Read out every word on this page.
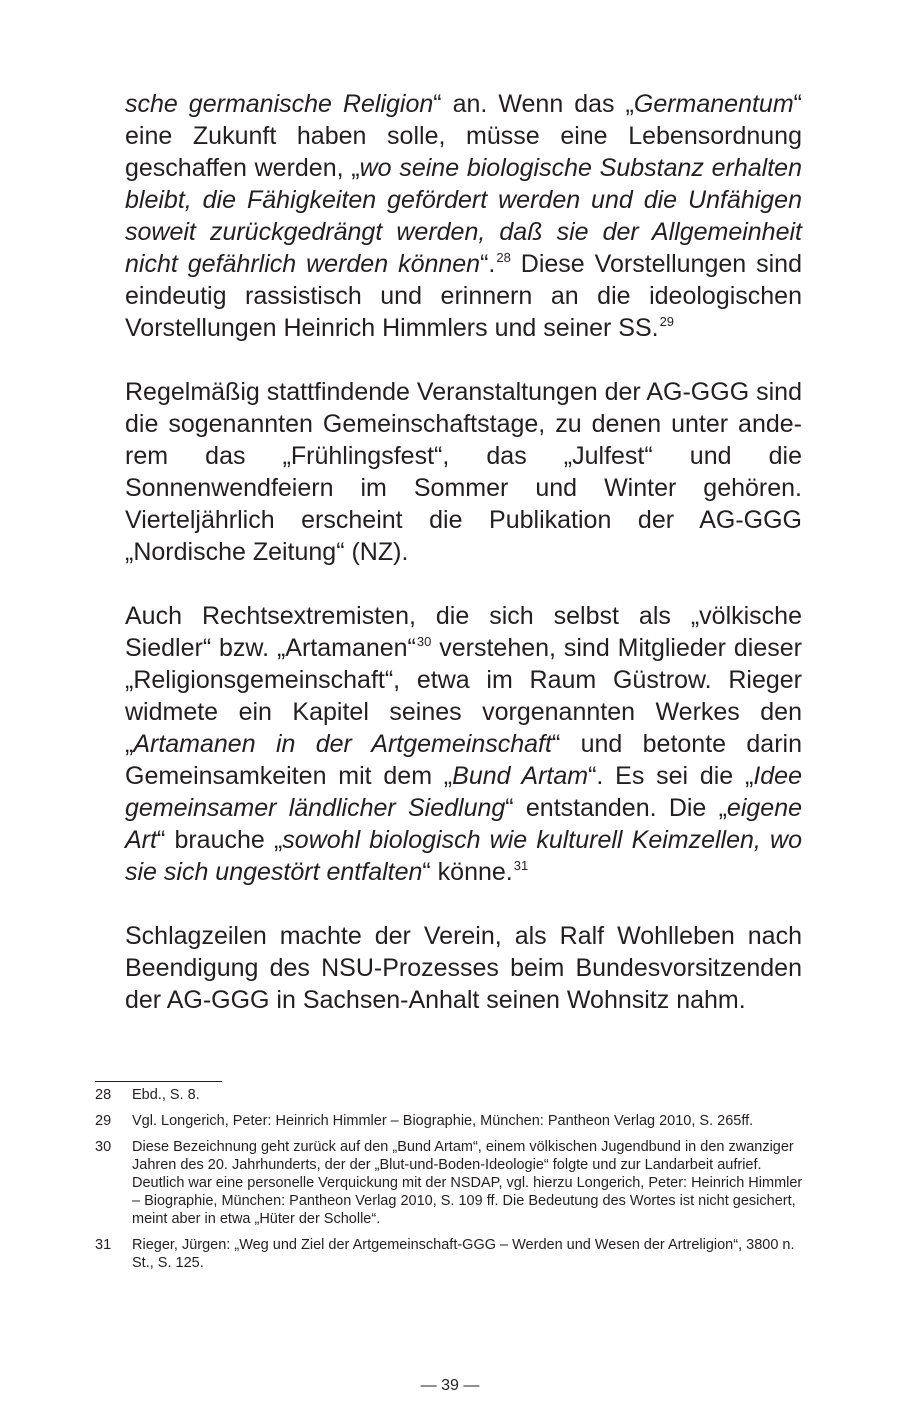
sche germanische Religion“ an. Wenn das „Germanentum“ eine Zukunft haben solle, müsse eine Lebensordnung geschaffen werden, „wo seine biologische Substanz erhalten bleibt, die Fähigkeiten gefördert werden und die Unfähigen soweit zurückgedrängt werden, daß sie der Allgemeinheit nicht gefährlich werden können“.$^{28}$ Diese Vorstellungen sind eindeutig rassistisch und erinnern an die ideologischen Vorstellungen Heinrich Himmlers und seiner SS.$^{29}$

Regelmäßig stattfindende Veranstaltungen der AG-GGG sind die sogenannten Gemeinschaftstage, zu denen unter anderem das „Frühlingsfest“, das „Julfest“ und die Sonnenwendfeiern im Sommer und Winter gehören. Vierteljährlich erscheint die Publikation der AG-GGG „Nordische Zeitung“ (NZ).

Auch Rechtsextremisten, die sich selbst als „völkische Siedler“ bzw. „Artamanen“$^{30}$ verstehen, sind Mitglieder dieser „Religionsgemeinschaft“, etwa im Raum Güstrow. Rieger widmete ein Kapitel seines vorgenannten Werkes den „Artamanen in der Artgemeinschaft“ und betonte darin Gemeinsamkeiten mit dem „Bund Artam“. Es sei die „Idee gemeinsamer ländlicher Siedlung“ entstanden. Die „eigene Art“ brauche „sowohl biologisch wie kulturell Keimzellen, wo sie sich ungestört entfalten“ könne.$^{31}$

Schlagzeilen machte der Verein, als Ralf Wohlleben nach Beendigung des NSU-Prozesses beim Bundesvorsitzenden der AG-GGG in Sachsen-Anhalt seinen Wohnsitz nahm.

28	Ebd., S. 8.
29	Vgl. Longerich, Peter: Heinrich Himmler – Biographie, München: Pantheon Verlag 2010, S. 265ff.
30	Diese Bezeichnung geht zurück auf den „Bund Artam“, einem völkischen Jugendbund in den zwanziger Jahren des 20. Jahrhunderts, der der „Blut-und-Boden-Ideologie“ folgte und zur Landarbeit aufrief. Deutlich war eine personelle Verquickung mit der NSDAP, vgl. hierzu Longerich, Peter: Heinrich Himmler – Biographie, München: Pantheon Verlag 2010, S. 109 ff. Die Bedeutung des Wortes ist nicht gesichert, meint aber in etwa „Hüter der Scholle“.
31	Rieger, Jürgen: „Weg und Ziel der Artgemeinschaft-GGG – Werden und Wesen der Artreligion“, 3800 n. St., S. 125.
— 39 —
